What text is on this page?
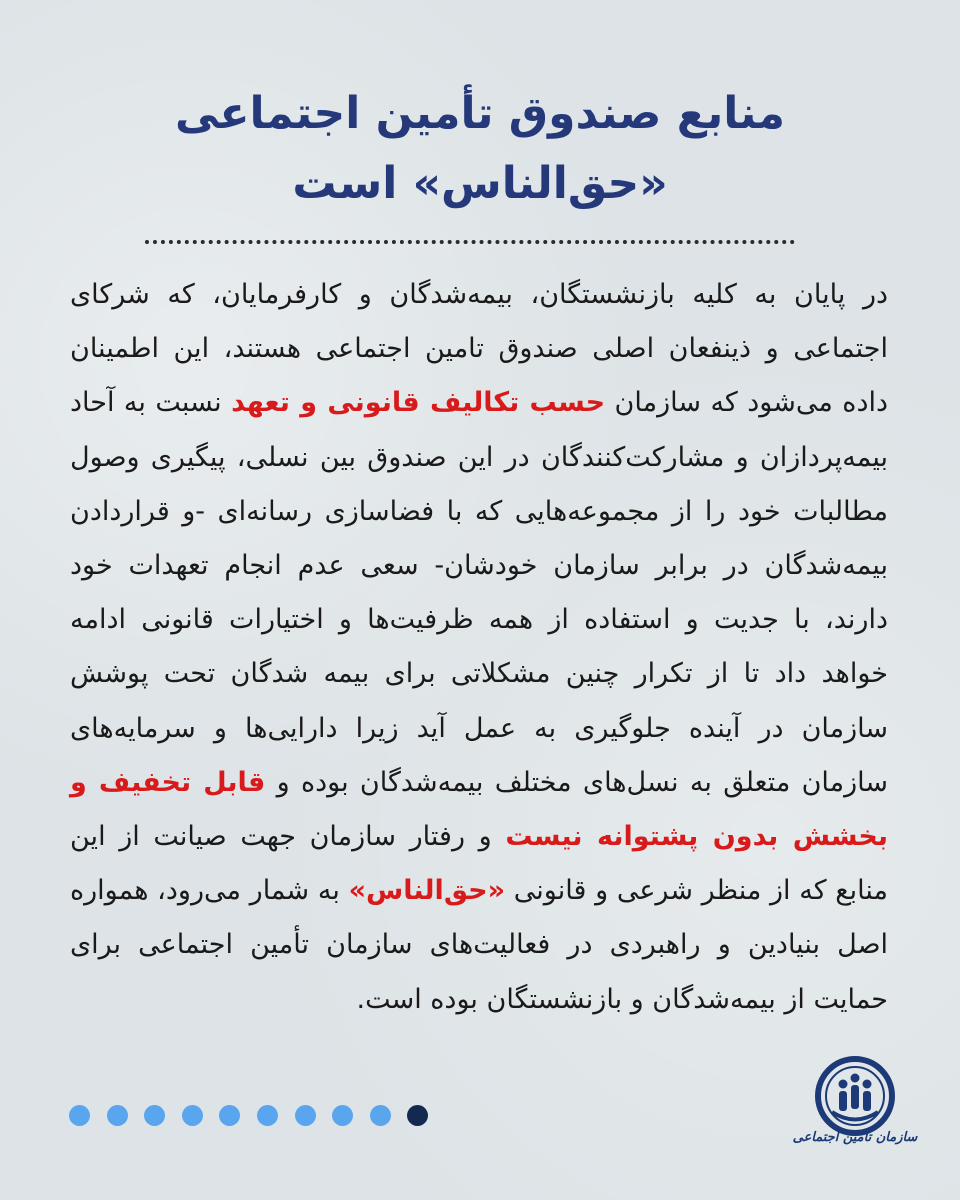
منابع صندوق تأمین اجتماعی
«حق‌الناس» است

در پایان به کلیه بازنشستگان، بیمه‌شدگان و کارفرمایان، که شرکای اجتماعی و ذینفعان اصلی صندوق تامین اجتماعی هستند، این اطمینان داده می‌شود که سازمان حسب تکالیف قانونی و تعهد نسبت به آحاد بیمه‌پردازان و مشارکت‌کنندگان در این صندوق بین نسلی، پیگیری وصول مطالبات خود را از مجموعه‌هایی که با فضاسازی رسانه‌ای -و قراردادن بیمه‌شدگان در برابر سازمان خودشان- سعی عدم انجام تعهدات خود دارند، با جدیت و استفاده از همه ظرفیت‌ها و اختیارات قانونی ادامه خواهد داد تا از تکرار چنین مشکلاتی برای بیمه شدگان تحت پوشش سازمان در آینده جلوگیری به عمل آید زیرا دارایی‌ها و سرمایه‌های سازمان متعلق به نسل‌های مختلف بیمه‌شدگان بوده و قابل تخفیف و بخشش بدون پشتوانه نیست و رفتار سازمان جهت صیانت از این منابع که از منظر شرعی و قانونی «حق‌الناس» به شمار می‌رود، همواره اصل بنیادین و راهبردی در فعالیت‌های سازمان تأمین اجتماعی برای حمایت از بیمه‌شدگان و بازنشستگان بوده است.

سازمان تأمین اجتماعی
